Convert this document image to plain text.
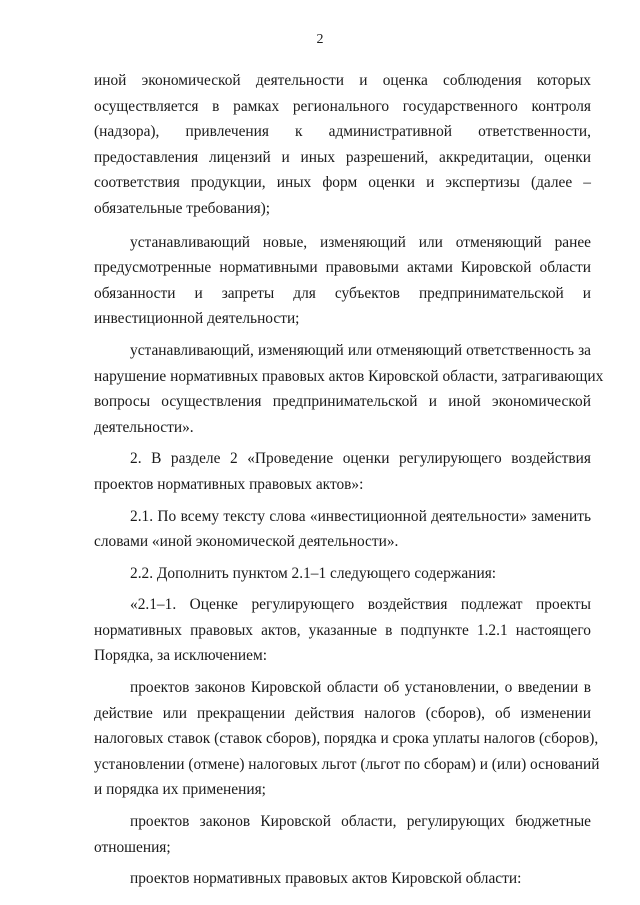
2
иной экономической деятельности и оценка соблюдения которых
осуществляется в рамках регионального государственного контроля
(надзора), привлечения к административной ответственности,
предоставления лицензий и иных разрешений, аккредитации, оценки
соответствия продукции, иных форм оценки и экспертизы (далее –
обязательные требования);
устанавливающий новые, изменяющий или отменяющий ранее
предусмотренные нормативными правовыми актами Кировской области
обязанности и запреты для субъектов предпринимательской и
инвестиционной деятельности;
устанавливающий, изменяющий или отменяющий ответственность за
нарушение нормативных правовых актов Кировской области, затрагивающих
вопросы осуществления предпринимательской и иной экономической
деятельности».
2. В разделе 2 «Проведение оценки регулирующего воздействия
проектов нормативных правовых актов»:
2.1. По всему тексту слова «инвестиционной деятельности» заменить
словами «иной экономической деятельности».
2.2. Дополнить пунктом 2.1–1 следующего содержания:
«2.1–1. Оценке регулирующего воздействия подлежат проекты
нормативных правовых актов, указанные в подпункте 1.2.1 настоящего
Порядка, за исключением:
проектов законов Кировской области об установлении, о введении в
действие или прекращении действия налогов (сборов), об изменении
налоговых ставок (ставок сборов), порядка и срока уплаты налогов (сборов),
установлении (отмене) налоговых льгот (льгот по сборам) и (или) оснований
и порядка их применения;
проектов законов Кировской области, регулирующих бюджетные
отношения;
проектов нормативных правовых актов Кировской области:
